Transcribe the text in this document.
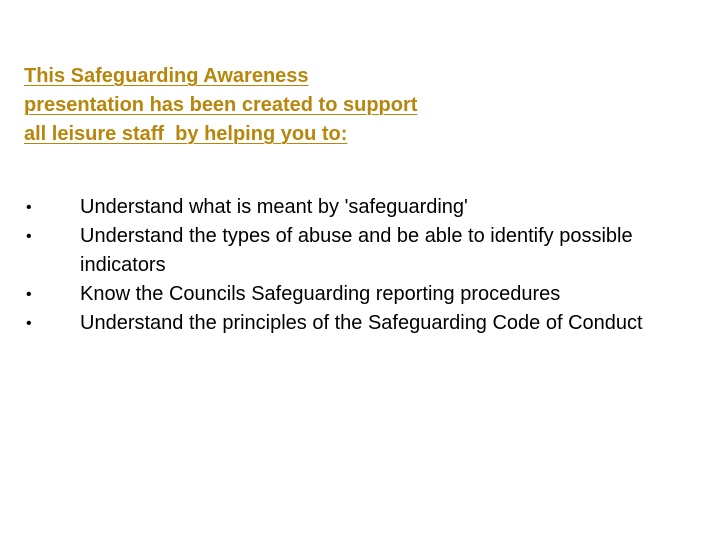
This Safeguarding Awareness
presentation has been created to support
all leisure staff  by helping you to:
• Understand what is meant by 'safeguarding'
• Understand the types of abuse and be able to identify possible indicators
• Know the Councils Safeguarding reporting procedures
• Understand the principles of the Safeguarding Code of Conduct
